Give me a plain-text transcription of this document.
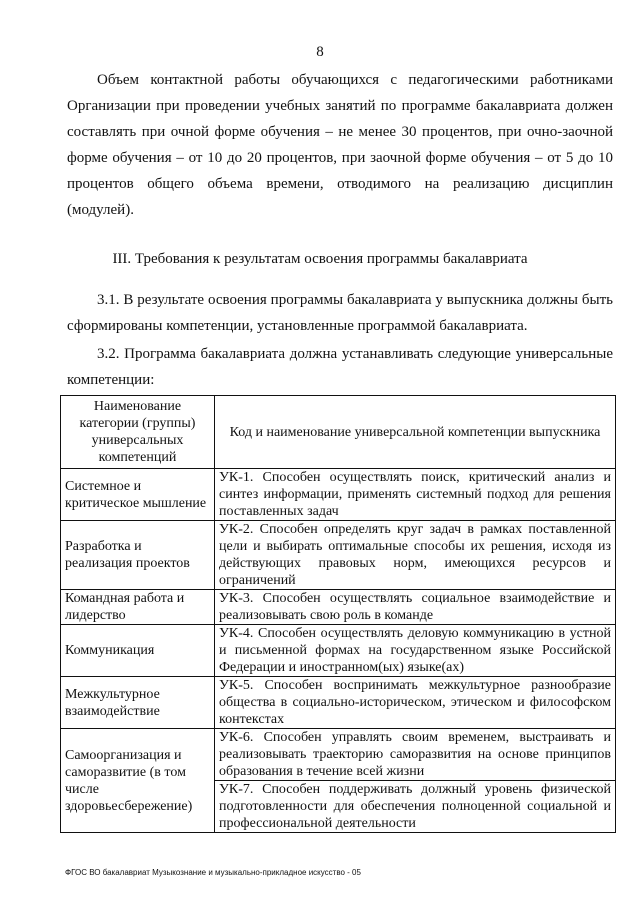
8

Объем контактной работы обучающихся с педагогическими работниками Организации при проведении учебных занятий по программе бакалавриата должен составлять при очной форме обучения – не менее 30 процентов, при очно-заочной форме обучения – от 10 до 20 процентов, при заочной форме обучения – от 5 до 10 процентов общего объема времени, отводимого на реализацию дисциплин (модулей).

III. Требования к результатам освоения программы бакалавриата

3.1. В результате освоения программы бакалавриата у выпускника должны быть сформированы компетенции, установленные программой бакалавриата.

3.2. Программа бакалавриата должна устанавливать следующие универсальные компетенции:

Наименование категории (группы) универсальных компетенций	Код и наименование универсальной компетенции выпускника
Системное и критическое мышление	УК-1. Способен осуществлять поиск, критический анализ и синтез информации, применять системный подход для решения поставленных задач
Разработка и реализация проектов	УК-2. Способен определять круг задач в рамках поставленной цели и выбирать оптимальные способы их решения, исходя из действующих правовых норм, имеющихся ресурсов и ограничений
Командная работа и лидерство	УК-3. Способен осуществлять социальное взаимодействие и реализовывать свою роль в команде
Коммуникация	УК-4. Способен осуществлять деловую коммуникацию в устной и письменной формах на государственном языке Российской Федерации и иностранном(ых) языке(ах)
Межкультурное взаимодействие	УК-5. Способен воспринимать межкультурное разнообразие общества в социально-историческом, этическом и философском контекстах
Самоорганизация и саморазвитие (в том числе здоровьесбережение)	УК-6. Способен управлять своим временем, выстраивать и реализовывать траекторию саморазвития на основе принципов образования в течение всей жизни
	УК-7. Способен поддерживать должный уровень физической подготовленности для обеспечения полноценной социальной и профессиональной деятельности
ФГОС ВО бакалавриат Музыкознание и музыкально-прикладное искусство - 05
